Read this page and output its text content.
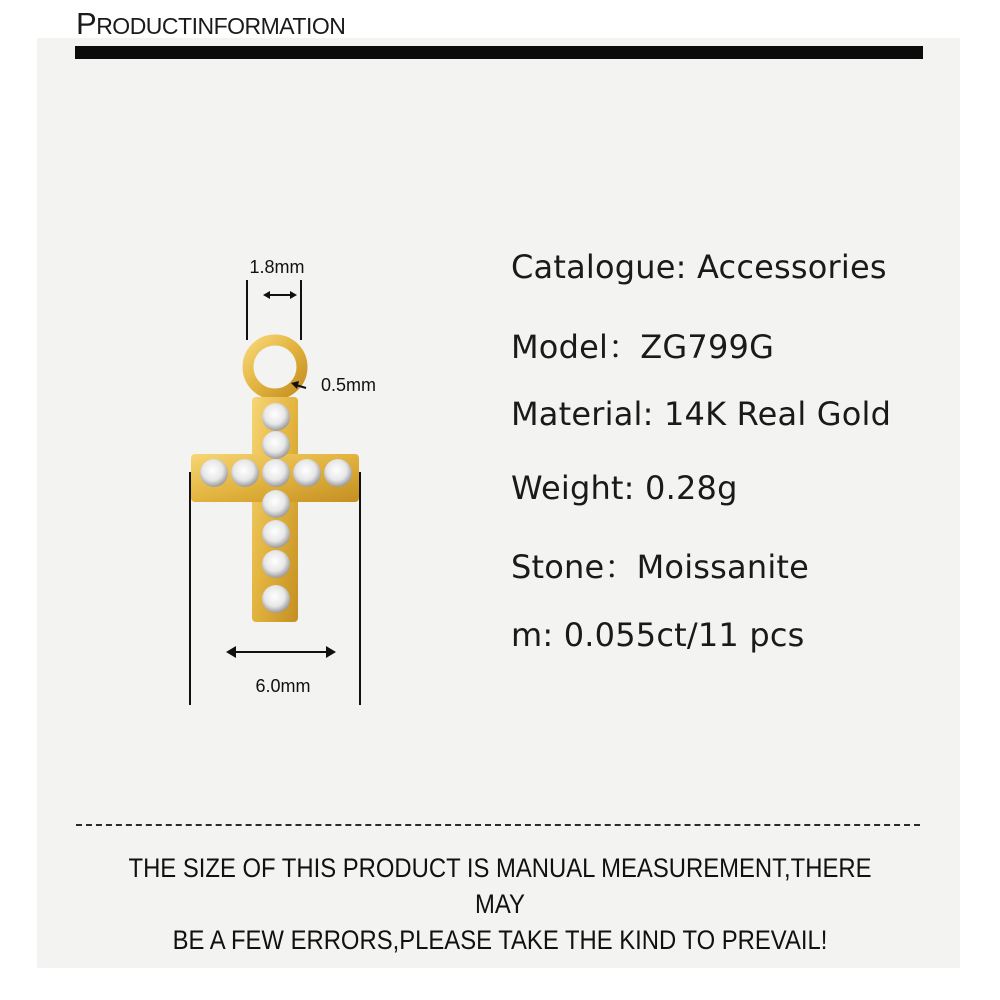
PRODUCTINFORMATION
1.8mm
0.5mm
6.0mm
Catalogue: Accessories
Model：ZG799G
Material: 14K Real Gold
Weight: 0.28g
Stone：Moissanite
m: 0.055ct/11 pcs
THE SIZE OF THIS PRODUCT IS MANUAL MEASUREMENT,THERE MAY
BE A FEW ERRORS,PLEASE TAKE THE KIND TO PREVAIL!
